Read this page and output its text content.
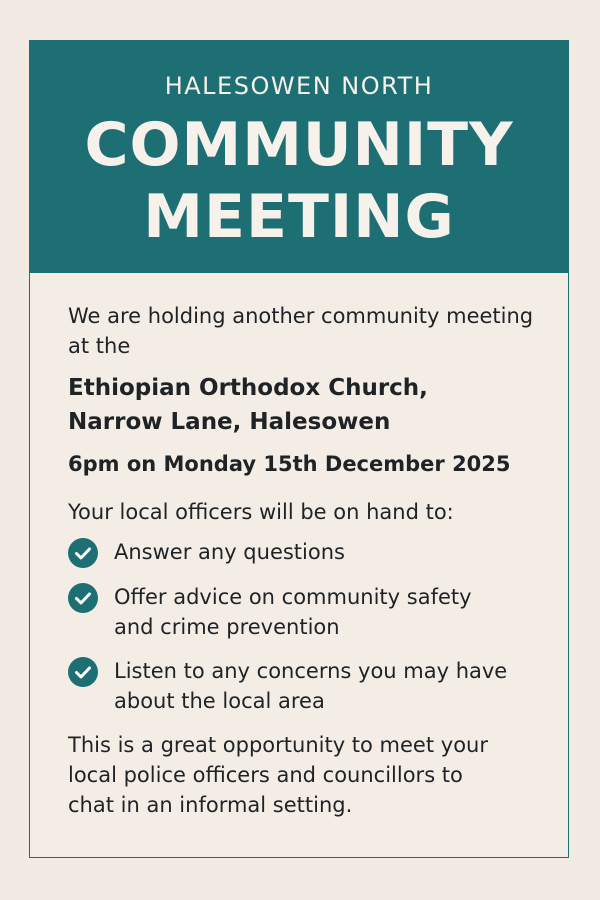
HALESOWEN NORTH
COMMUNITY
MEETING

We are holding another community meeting at the

Ethiopian Orthodox Church,
Narrow Lane, Halesowen
6pm on Monday 15th December 2025
Your local officers will be on hand to:
Answer any questions
Offer advice on community safety
and crime prevention
Listen to any concerns you may have
about the local area
This is a great opportunity to meet your
local police officers and councillors to
chat in an informal setting.
